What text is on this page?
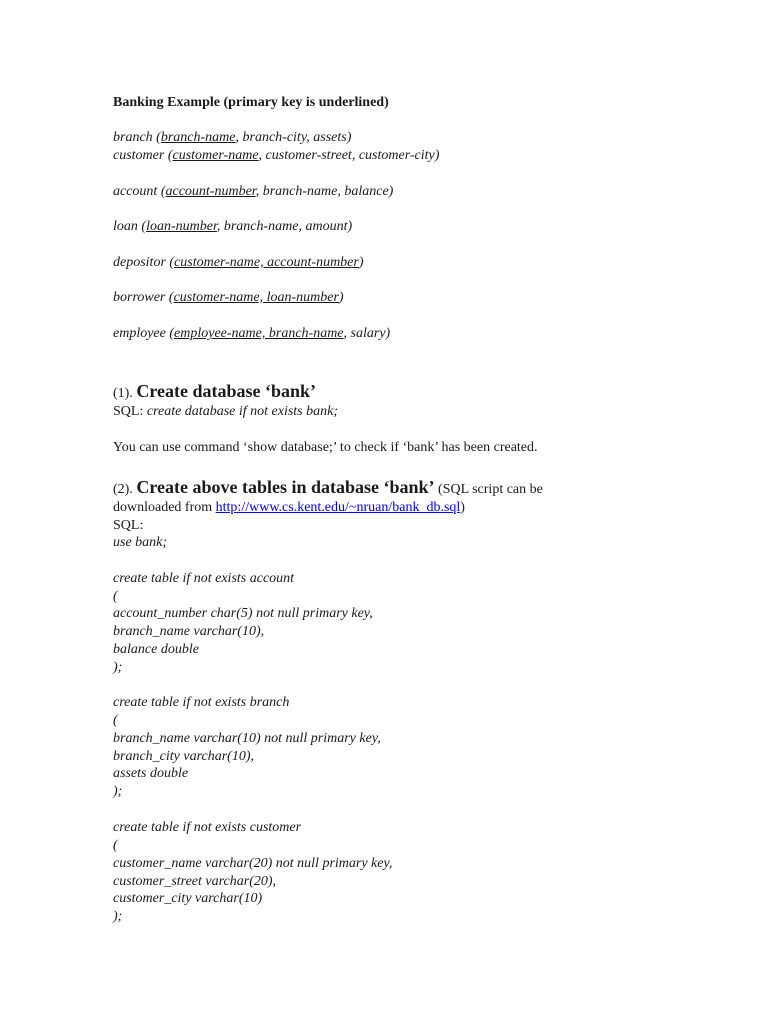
Banking Example (primary key is underlined)
branch (branch-name, branch-city, assets)
customer (customer-name, customer-street, customer-city)
account (account-number, branch-name, balance)
loan (loan-number, branch-name, amount)
depositor (customer-name, account-number)
borrower (customer-name, loan-number)
employee (employee-name, branch-name, salary)
(1). Create database ‘bank’
SQL: create database if not exists bank;
You can use command ‘show database;’ to check if ‘bank’ has been created.
(2). Create above tables in database ‘bank’ (SQL script can be
downloaded from http://www.cs.kent.edu/~nruan/bank_db.sql)
SQL:
use bank;
create table if not exists account
(
account_number char(5) not null primary key,
branch_name varchar(10),
balance double
);
create table if not exists branch
(
branch_name varchar(10) not null primary key,
branch_city varchar(10),
assets double
);
create table if not exists customer
(
customer_name varchar(20) not null primary key,
customer_street varchar(20),
customer_city varchar(10)
);
